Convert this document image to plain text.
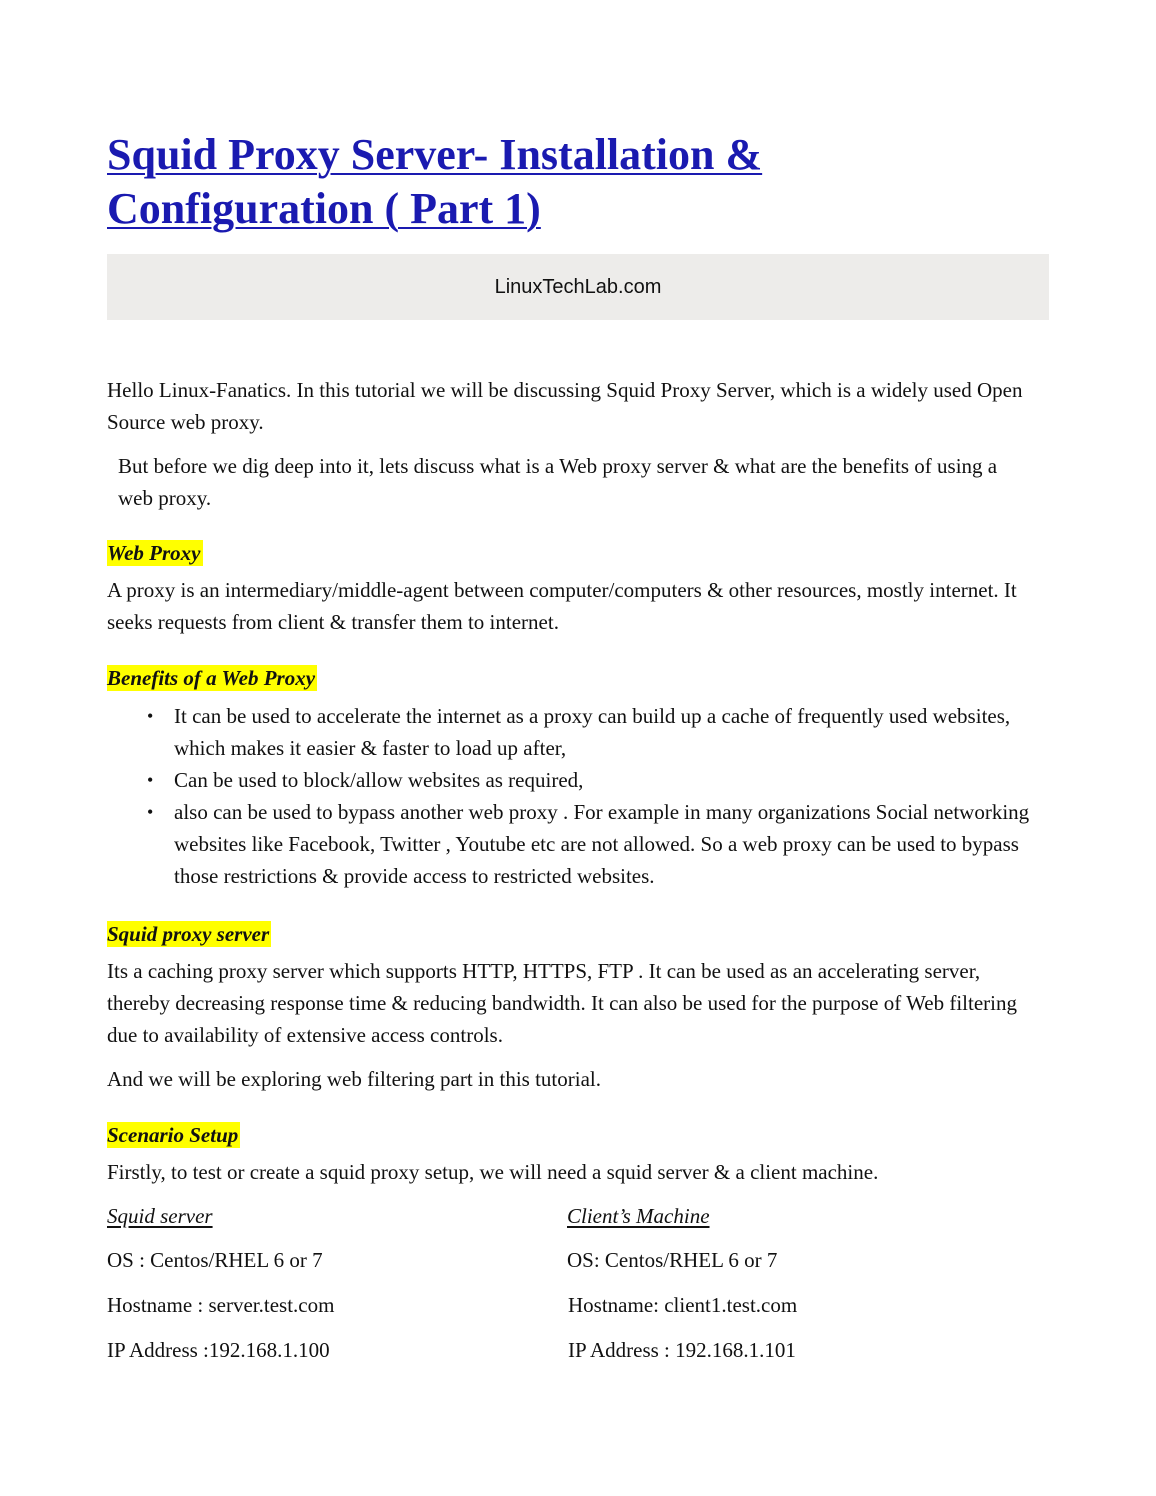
Squid Proxy Server- Installation &
Configuration ( Part 1)
LinuxTechLab.com

Hello Linux-Fanatics. In this tutorial we will be discussing Squid Proxy Server, which is a widely used Open Source web proxy.

But before we dig deep into it, lets discuss what is a Web proxy server & what are the benefits of using a web proxy.

Web Proxy

A proxy is an intermediary/middle-agent between computer/computers & other resources, mostly internet. It seeks requests from client & transfer them to internet.

Benefits of a Web Proxy
• It can be used to accelerate the internet as a proxy can build up a cache of frequently used websites, which makes it easier & faster to load up after,
• Can be used to block/allow websites as required,
• also can be used to bypass another web proxy . For example in many organizations Social networking websites like Facebook, Twitter , Youtube etc are not allowed. So a web proxy can be used to bypass those restrictions & provide access to restricted websites.
Squid proxy server

Its a caching proxy server which supports HTTP, HTTPS, FTP . It can be used as an accelerating server, thereby decreasing response time & reducing bandwidth. It can also be used for the purpose of Web filtering due to availability of extensive access controls.

And we will be exploring web filtering part in this tutorial.

Scenario Setup

Firstly, to test or create a squid proxy setup, we will need a squid server & a client machine.

Squid server

OS : Centos/RHEL 6 or 7

Hostname : server.test.com

IP Address :192.168.1.100

Client’s Machine

OS: Centos/RHEL 6 or 7

Hostname: client1.test.com

IP Address : 192.168.1.101
